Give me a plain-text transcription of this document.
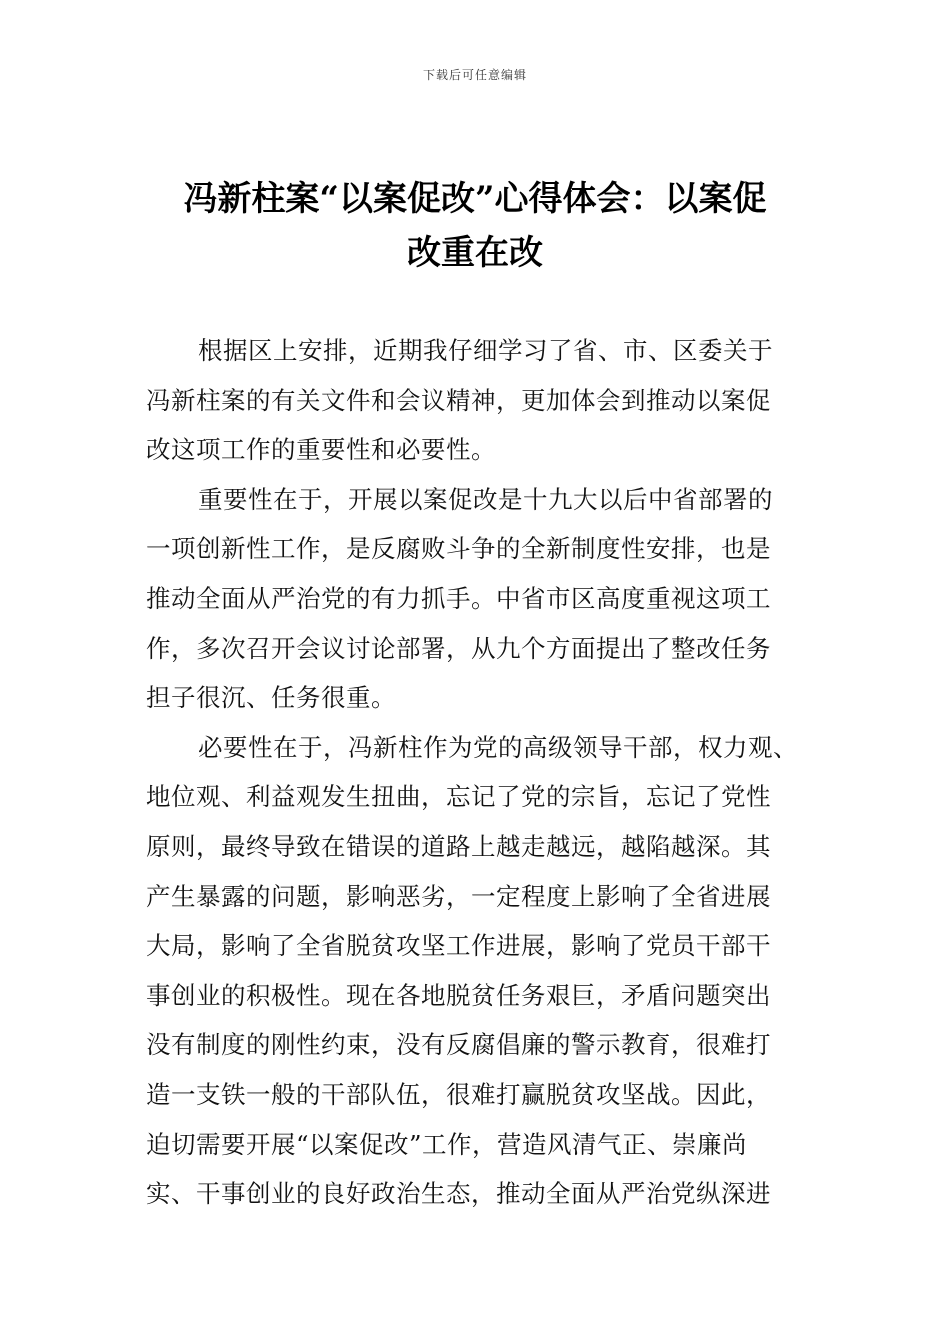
下载后可任意编辑
冯新柱案“以案促改”心得体会：以案促
改重在改
根据区上安排，近期我仔细学习了省、市、区委关于
冯新柱案的有关文件和会议精神，更加体会到推动以案促
改这项工作的重要性和必要性。
重要性在于，开展以案促改是十九大以后中省部署的
一项创新性工作，是反腐败斗争的全新制度性安排，也是
推动全面从严治党的有力抓手。中省市区高度重视这项工
作，多次召开会议讨论部署，从九个方面提出了整改任务
担子很沉、任务很重。
必要性在于，冯新柱作为党的高级领导干部，权力观、
地位观、利益观发生扭曲，忘记了党的宗旨，忘记了党性
原则，最终导致在错误的道路上越走越远，越陷越深。其
产生暴露的问题，影响恶劣，一定程度上影响了全省进展
大局，影响了全省脱贫攻坚工作进展，影响了党员干部干
事创业的积极性。现在各地脱贫任务艰巨，矛盾问题突出
没有制度的刚性约束，没有反腐倡廉的警示教育，很难打
造一支铁一般的干部队伍，很难打赢脱贫攻坚战。因此，
迫切需要开展“以案促改”工作，营造风清气正、崇廉尚
实、干事创业的良好政治生态，推动全面从严治党纵深进
